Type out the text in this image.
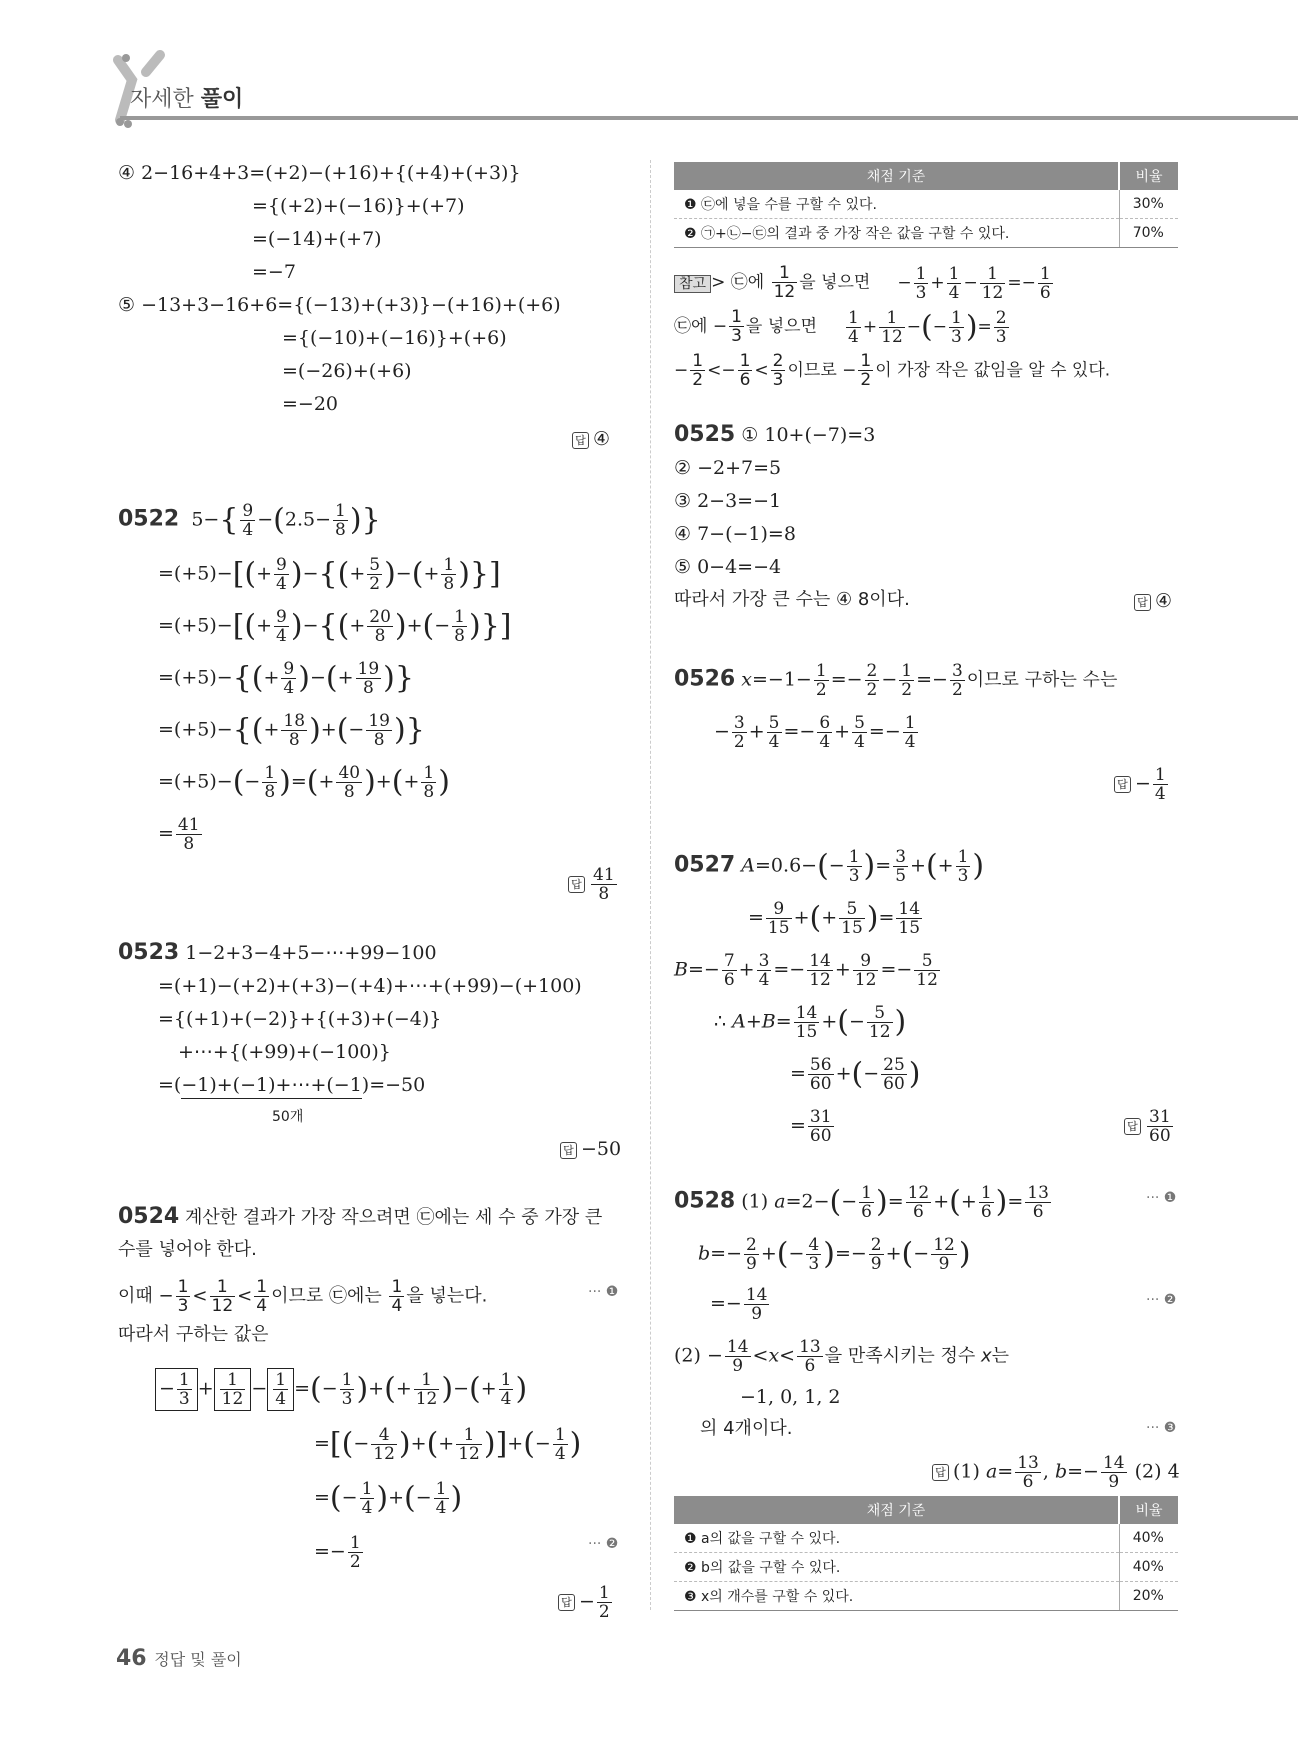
자세한 풀이
④ 2−16+4+3=(+2)−(+16)+{(+4)+(+3)}
={(+2)+(−16)}+(+7)
=(−14)+(+7)
=−7
⑤ −13+3−16+6={(−13)+(+3)}−(+16)+(+6)
={(−10)+(−16)}+(+6)
=(−26)+(+6)
=−20
답 ④
0522  $5-\{ \frac{9}{4} -(2.5- \frac{1}{8}$ )}
$=(+5)-[(+ \frac{9}{4}$ )−{(+ $\frac{5}{2}$ )−(+ $\frac{1}{8}$ )}]
$=(+5)-[(+ \frac{9}{4}$ )−{(+ $\frac{20}{8}$ )+(− $\frac{1}{8}$ )}]
$=(+5)-\{(+ \frac{9}{4}$ )−(+ $\frac{19}{8}$ )}
$=(+5)-\{(+ \frac{18}{8}$ )+(− $\frac{19}{8}$ )}
$=(+5)-(- \frac{1}{8}$ )=(+ $\frac{40}{8}$ )+(+ $\frac{1}{8}$ )
= $\frac{41}{8}$
답 $\frac{41}{8}$
0523 1−2+3−4+5−⋯+99−100
=(+1)−(+2)+(+3)−(+4)+⋯+(+99)−(+100)
={(+1)+(−2)}+{(+3)+(−4)}
+⋯+{(+99)+(−100)}
=(−1)+(−1)+⋯+(−1)=−50
50개
답 −50
0524 계산한 결과가 가장 작으려면 ㉢에는 세 수 중 가장 큰
수를 넣어야 한다.
이때 − $\frac{1}{3} < \frac{1}{12} < \frac{1}{4}$ 이므로 ㉢에는 $\frac{1}{4}$ 을 넣는다.	··· ❶
따라서 구하는 값은
− $\frac{1}{3} + \frac{1}{12} - \frac{1}{4}$ =(− $\frac{1}{3}$ )+(+ $\frac{1}{12}$ )−(+ $\frac{1}{4}$ )
=[(− $\frac{4}{12}$ )+(+ $\frac{1}{12}$ )]+(− $\frac{1}{4}$ )
=(− $\frac{1}{4}$ )+(− $\frac{1}{4}$ )
=− $\frac{1}{2}$	··· ❷
답 − $\frac{1}{2}$
채점 기준	비율
❶ ㉢에 넣을 수를 구할 수 있다.	30%
❷ ㉠+㉡−㉢의 결과 중 가장 작은 값을 구할 수 있다.	70%
참고 > ㉢에 $\frac{1}{12}$ 을 넣으면 − $\frac{1}{3} + \frac{1}{4} - \frac{1}{12} =- \frac{1}{6}$
㉢에 − $\frac{1}{3}$ 을 넣으면 $\frac{1}{4} + \frac{1}{12}$ −(− $\frac{1}{3}$ )= $\frac{2}{3}$
− $\frac{1}{2} <- \frac{1}{6} < \frac{2}{3}$ 이므로 − $\frac{1}{2}$ 이 가장 작은 값임을 알 수 있다.
0525 ① 10+(−7)=3
② −2+7=5
③ 2−3=−1
④ 7−(−1)=8
⑤ 0−4=−4
따라서 가장 큰 수는 ④ 8이다.	답 ④
0526 $x=-1- \frac{1}{2} =- \frac{2}{2} - \frac{1}{2} =- \frac{3}{2}$ 이므로 구하는 수는
− $\frac{3}{2} + \frac{5}{4} =- \frac{6}{4} + \frac{5}{4} =- \frac{1}{4}$
답 − $\frac{1}{4}$
0527 $A=0.6-(- \frac{1}{3}$ )= $\frac{3}{5}$ +(+ $\frac{1}{3}$ )
= $\frac{9}{15}$ +(+ $\frac{5}{15}$ )= $\frac{14}{15}$
$B=- \frac{7}{6} + \frac{3}{4} =- \frac{14}{12} + \frac{9}{12} =- \frac{5}{12}$
∴ $A+B= \frac{14}{15}$ +(− $\frac{5}{12}$ )
= $\frac{56}{60}$ +(− $\frac{25}{60}$ )
= $\frac{31}{60}$	답 $\frac{31}{60}$
0528 (1) $a=2-(- \frac{1}{6}$ )= $\frac{12}{6}$ +(+ $\frac{1}{6}$ )= $\frac{13}{6}$	··· ❶
$b=- \frac{2}{9}$ +(− $\frac{4}{3}$ )=− $\frac{2}{9}$ +(− $\frac{12}{9}$ )
=− $\frac{14}{9}$	··· ❷
$(2) - \frac{14}{9} <x< \frac{13}{6}$ 을 만족시키는 정수 x는
−1, 0, 1, 2
의 4개이다.	··· ❸
답 (1) $a= \frac{13}{6}$ , $b=- \frac{14}{9} (2)$ 4
채점 기준	비율
❶ a의 값을 구할 수 있다.	40%
❷ b의 값을 구할 수 있다.	40%
❸ x의 개수를 구할 수 있다.	20%
46 정답 및 풀이
